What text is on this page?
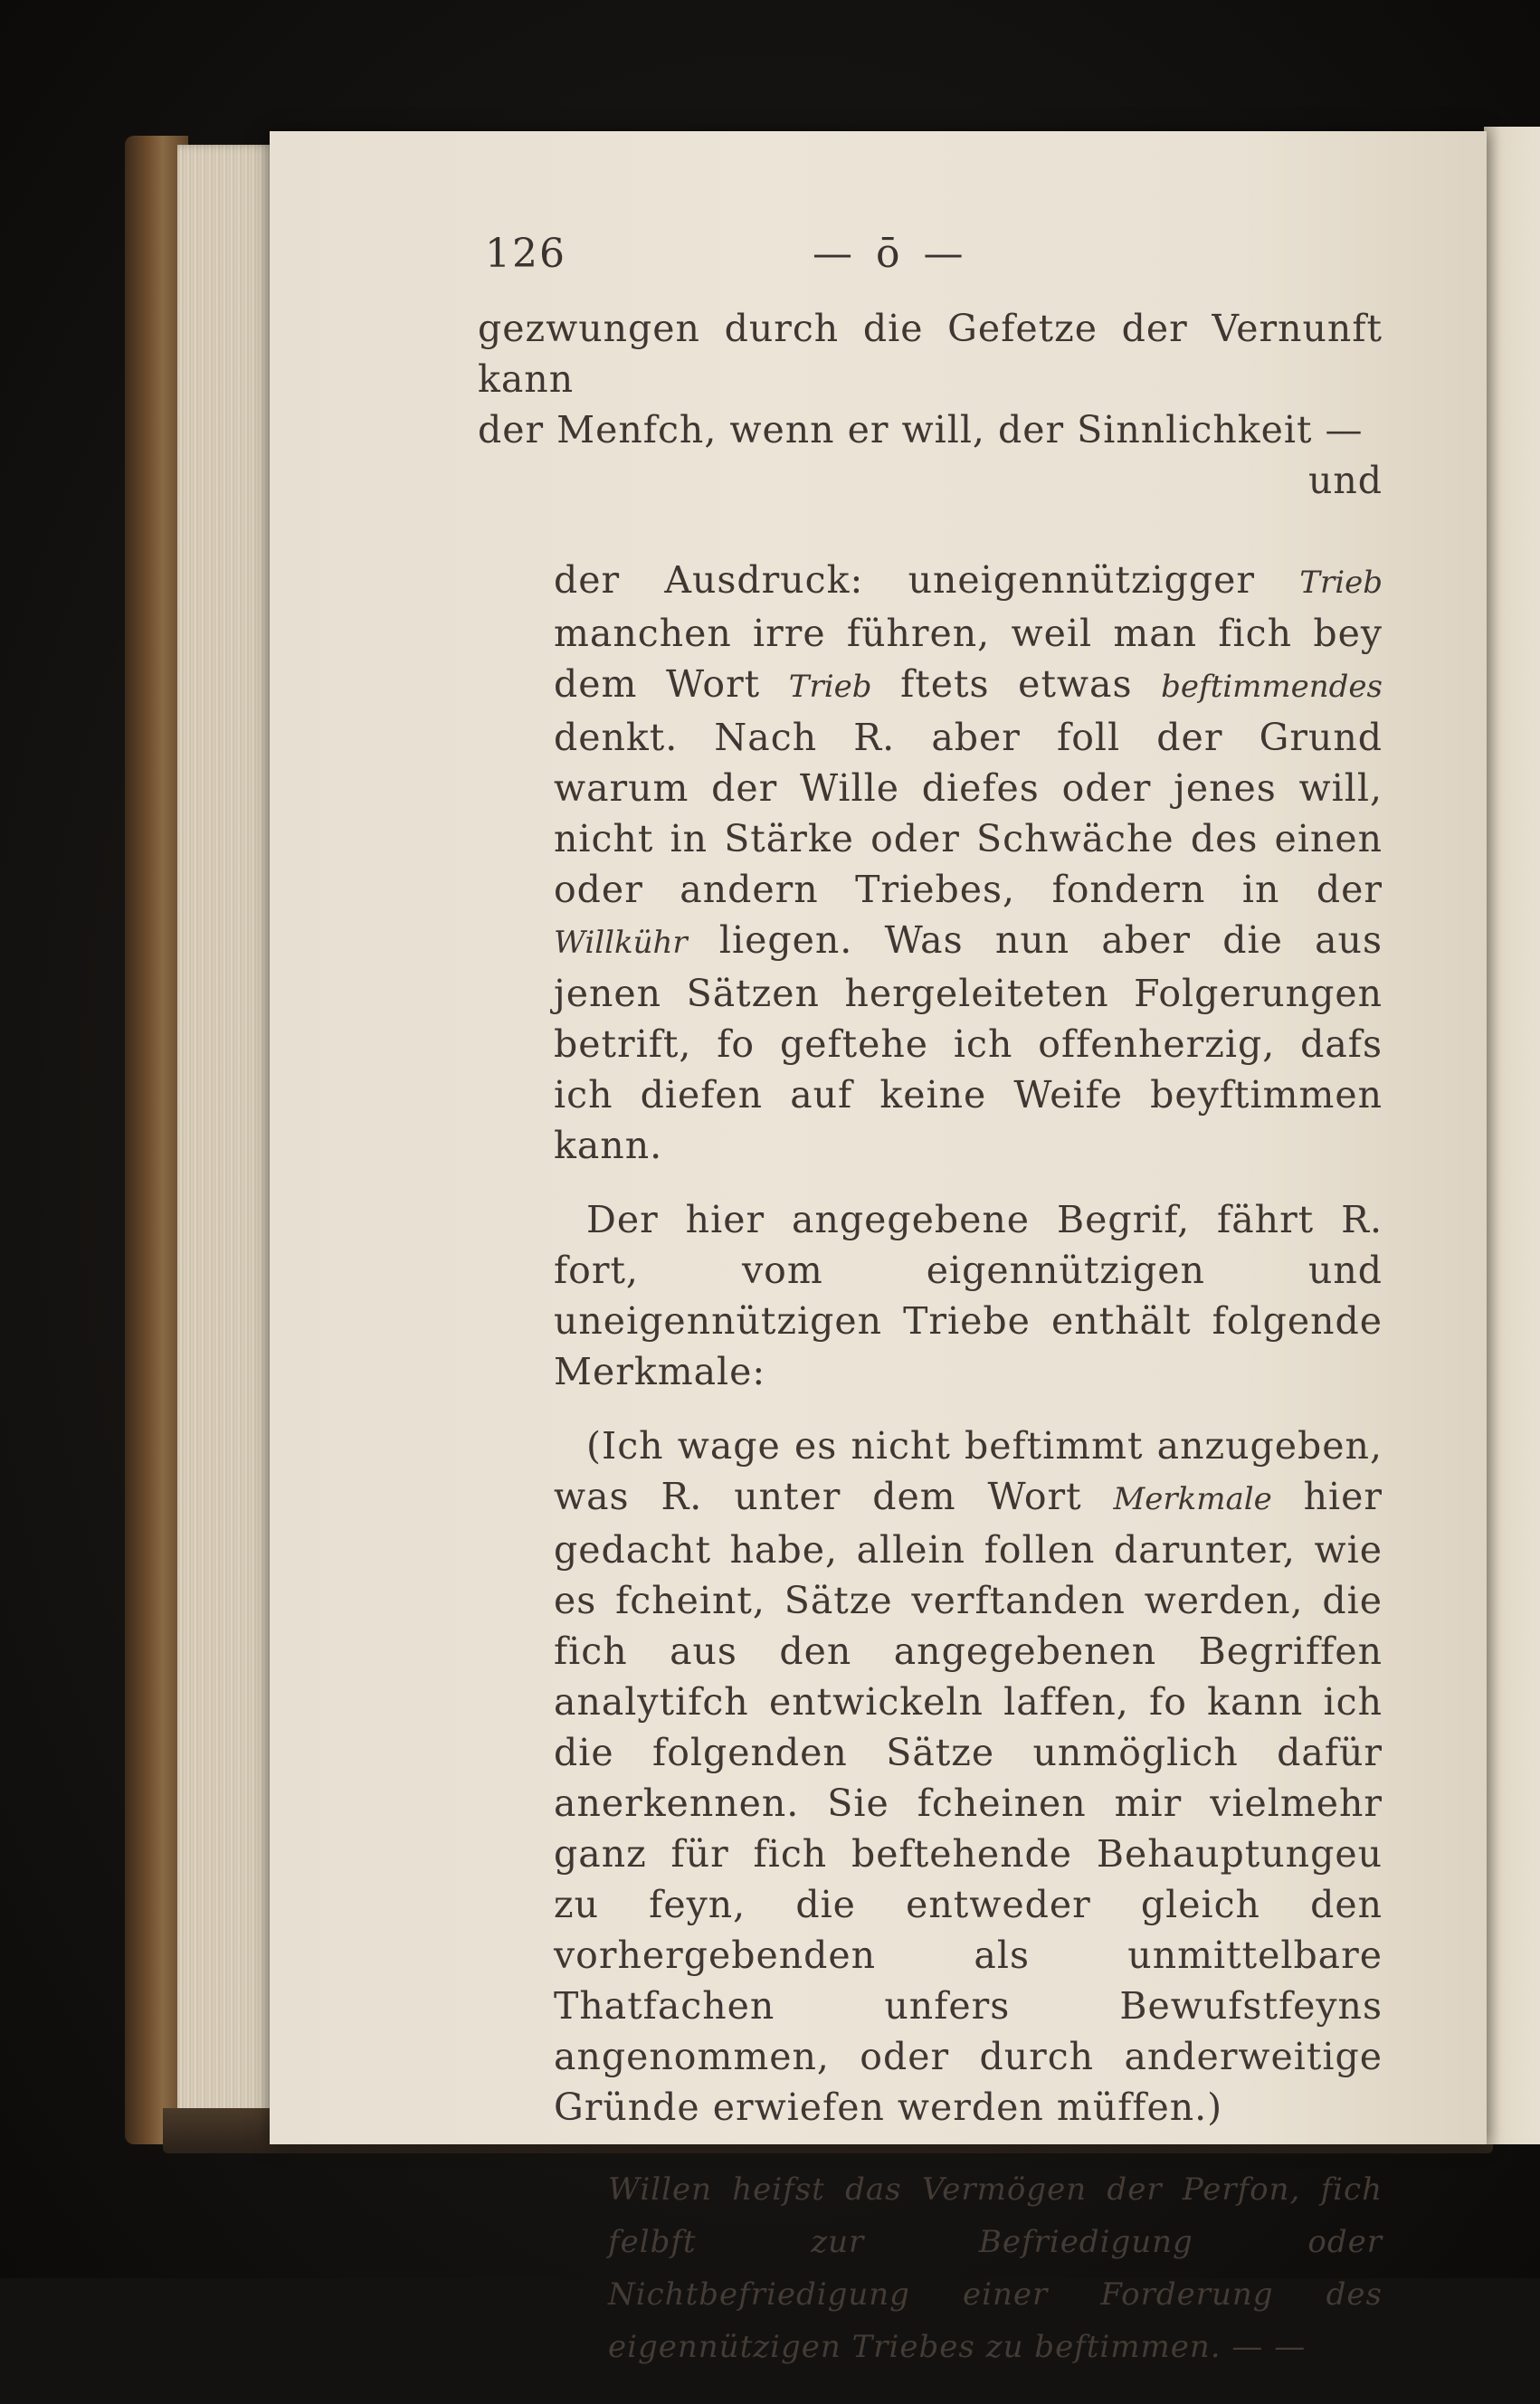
126	— ō —

gezwungen durch die Gefetze der Vernunft kann

der Menfch, wenn er will, der Sinnlichkeit —

und

der Ausdruck: uneigennützigger Trieb manchen irre führen, weil man fich bey dem Wort Trieb ftets etwas beftimmendes denkt. Nach R. aber foll der Grund warum der Wille diefes oder jenes will, nicht in Stärke oder Schwäche des einen oder andern Triebes, fondern in der Willkühr liegen. Was nun aber die aus jenen Sätzen hergeleiteten Folgerungen betrift, fo geftehe ich offenherzig, dafs ich diefen auf keine Weife beyftimmen kann.

Der hier angegebene Begrif, fährt R. fort, vom eigennützigen und uneigennützigen Triebe enthält folgende Merkmale:

(Ich wage es nicht beftimmt anzugeben, was R. unter dem Wort Merkmale hier gedacht habe, allein follen darunter, wie es fcheint, Sätze verftanden werden, die fich aus den angegebenen Begriffen analytifch entwickeln laffen, fo kann ich die folgenden Sätze unmöglich dafür anerkennen. Sie fcheinen mir vielmehr ganz für fich beftehende Behauptungeu zu feyn, die entweder gleich den vorhergebenden als unmittelbare Thatfachen unfers Bewufstfeyns angenommen, oder durch anderweitige Gründe erwiefen werden müffen.)

Willen heifst das Vermögen der Perfon, fich felbft zur Befriedigung oder Nichtbefriedigung einer Forderung des eigennützigen Triebes zu beftimmen. — —
